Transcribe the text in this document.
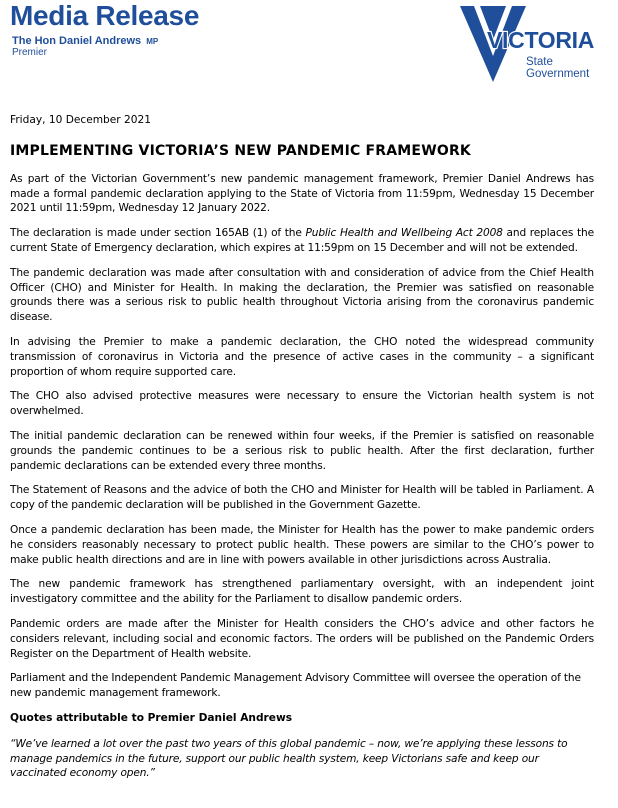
Media Release
The Hon Daniel Andrews MP
Premier	VICTORIA
State
Government

Friday, 10 December 2021

IMPLEMENTING VICTORIA’S NEW PANDEMIC FRAMEWORK

As part of the Victorian Government’s new pandemic management framework, Premier Daniel Andrews has made a formal pandemic declaration applying to the State of Victoria from 11:59pm, Wednesday 15 December 2021 until 11:59pm, Wednesday 12 January 2022.

The declaration is made under section 165AB (1) of the Public Health and Wellbeing Act 2008 and replaces the current State of Emergency declaration, which expires at 11:59pm on 15 December and will not be extended.

The pandemic declaration was made after consultation with and consideration of advice from the Chief Health Officer (CHO) and Minister for Health. In making the declaration, the Premier was satisfied on reasonable grounds there was a serious risk to public health throughout Victoria arising from the coronavirus pandemic disease.

In advising the Premier to make a pandemic declaration, the CHO noted the widespread community transmission of coronavirus in Victoria and the presence of active cases in the community – a significant proportion of whom require supported care.

The CHO also advised protective measures were necessary to ensure the Victorian health system is not overwhelmed.

The initial pandemic declaration can be renewed within four weeks, if the Premier is satisfied on reasonable grounds the pandemic continues to be a serious risk to public health. After the first declaration, further pandemic declarations can be extended every three months.

The Statement of Reasons and the advice of both the CHO and Minister for Health will be tabled in Parliament. A copy of the pandemic declaration will be published in the Government Gazette.

Once a pandemic declaration has been made, the Minister for Health has the power to make pandemic orders he considers reasonably necessary to protect public health. These powers are similar to the CHO’s power to make public health directions and are in line with powers available in other jurisdictions across Australia.

The new pandemic framework has strengthened parliamentary oversight, with an independent joint investigatory committee and the ability for the Parliament to disallow pandemic orders.

Pandemic orders are made after the Minister for Health considers the CHO’s advice and other factors he considers relevant, including social and economic factors. The orders will be published on the Pandemic Orders Register on the Department of Health website.

Parliament and the Independent Pandemic Management Advisory Committee will oversee the operation of the new pandemic management framework.

Quotes attributable to Premier Daniel Andrews

“We’ve learned a lot over the past two years of this global pandemic – now, we’re applying these lessons to manage pandemics in the future, support our public health system, keep Victorians safe and keep our vaccinated economy open.”
